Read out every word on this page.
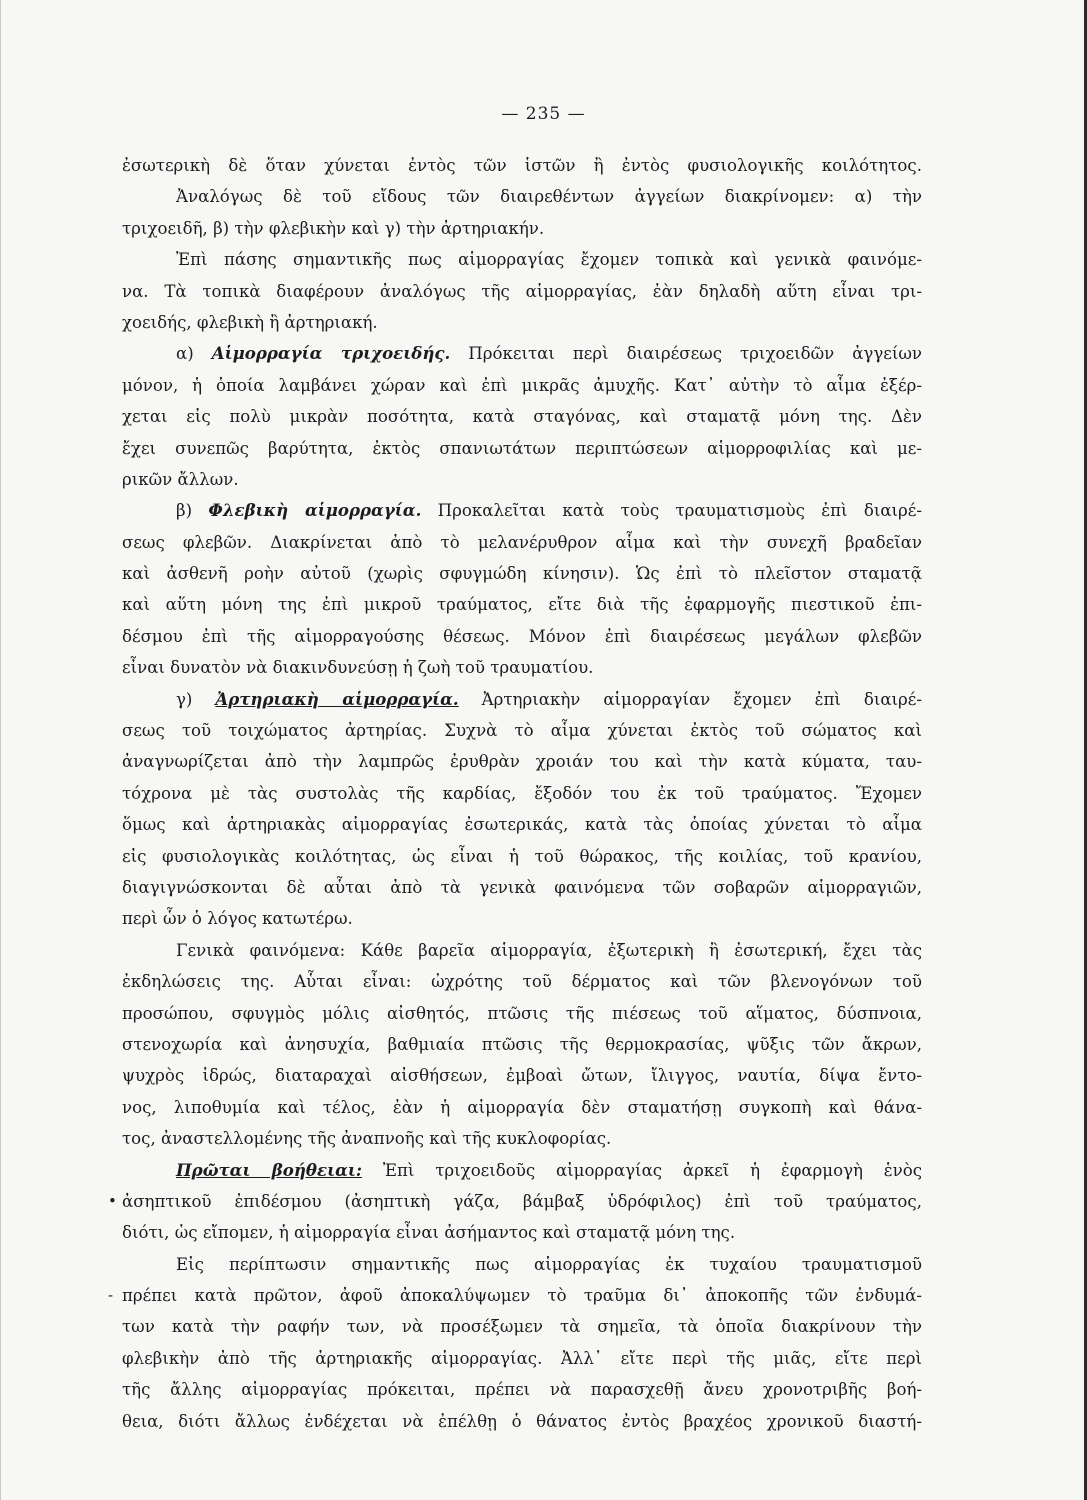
— 235 —
ἐσωτερικὴ δὲ ὅταν χύνεται ἐντὸς τῶν ἱστῶν ἢ ἐντὸς φυσιολογικῆς κοιλότητος.
Ἀναλόγως δὲ τοῦ εἴδους τῶν διαιρεθέντων ἀγγείων διακρίνομεν: α) τὴν
τριχοειδῆ, β) τὴν φλεβικὴν καὶ γ) τὴν ἀρτηριακήν.
Ἐπὶ πάσης σημαντικῆς πως αἱμορραγίας ἔχομεν τοπικὰ καὶ γενικὰ φαινόμε-
να. Τὰ τοπικὰ διαφέρουν ἀναλόγως τῆς αἱμορραγίας, ἐὰν δηλαδὴ αὕτη εἶναι τρι-
χοειδής, φλεβικὴ ἢ ἀρτηριακή.
α) Αἱμορραγία τριχοειδής. Πρόκειται περὶ διαιρέσεως τριχοειδῶν ἀγγείων
μόνον, ἡ ὁποία λαμβάνει χώραν καὶ ἐπὶ μικρᾶς ἀμυχῆς. Κατ᾽ αὐτὴν τὸ αἷμα ἐξέρ-
χεται εἰς πολὺ μικρὰν ποσότητα, κατὰ σταγόνας, καὶ σταματᾷ μόνη της. Δὲν
ἔχει συνεπῶς βαρύτητα, ἐκτὸς σπανιωτάτων περιπτώσεων αἱμορροφιλίας καὶ με-
ρικῶν ἄλλων.
β) Φλεβικὴ αἱμορραγία. Προκαλεῖται κατὰ τοὺς τραυματισμοὺς ἐπὶ διαιρέ-
σεως φλεβῶν. Διακρίνεται ἀπὸ τὸ μελανέρυθρον αἷμα καὶ τὴν συνεχῆ βραδεῖαν
καὶ ἀσθενῆ ροὴν αὐτοῦ (χωρὶς σφυγμώδη κίνησιν). Ὡς ἐπὶ τὸ πλεῖστον σταματᾷ
καὶ αὕτη μόνη της ἐπὶ μικροῦ τραύματος, εἴτε διὰ τῆς ἐφαρμογῆς πιεστικοῦ ἐπι-
δέσμου ἐπὶ τῆς αἱμορραγούσης θέσεως. Μόνον ἐπὶ διαιρέσεως μεγάλων φλεβῶν
εἶναι δυνατὸν νὰ διακινδυνεύσῃ ἡ ζωὴ τοῦ τραυματίου.
γ) Ἀρτηριακὴ αἱμορραγία. Ἀρτηριακὴν αἱμορραγίαν ἔχομεν ἐπὶ διαιρέ-
σεως τοῦ τοιχώματος ἀρτηρίας. Συχνὰ τὸ αἷμα χύνεται ἐκτὸς τοῦ σώματος καὶ
ἀναγνωρίζεται ἀπὸ τὴν λαμπρῶς ἐρυθρὰν χροιάν του καὶ τὴν κατὰ κύματα, ταυ-
τόχρονα μὲ τὰς συστολὰς τῆς καρδίας, ἔξοδόν του ἐκ τοῦ τραύματος. Ἔχομεν
ὅμως καὶ ἀρτηριακὰς αἱμορραγίας ἐσωτερικάς, κατὰ τὰς ὁποίας χύνεται τὸ αἷμα
εἰς φυσιολογικὰς κοιλότητας, ὡς εἶναι ἡ τοῦ θώρακος, τῆς κοιλίας, τοῦ κρανίου,
διαγιγνώσκονται δὲ αὗται ἀπὸ τὰ γενικὰ φαινόμενα τῶν σοβαρῶν αἱμορραγιῶν,
περὶ ὧν ὁ λόγος κατωτέρω.
Γενικὰ φαινόμενα: Κάθε βαρεῖα αἱμορραγία, ἐξωτερικὴ ἢ ἐσωτερική, ἔχει τὰς
ἐκδηλώσεις της. Αὗται εἶναι: ὠχρότης τοῦ δέρματος καὶ τῶν βλενογόνων τοῦ
προσώπου, σφυγμὸς μόλις αἰσθητός, πτῶσις τῆς πιέσεως τοῦ αἵματος, δύσπνοια,
στενοχωρία καὶ ἀνησυχία, βαθμιαία πτῶσις τῆς θερμοκρασίας, ψῦξις τῶν ἄκρων,
ψυχρὸς ἱδρώς, διαταραχαὶ αἰσθήσεων, ἐμβοαὶ ὤτων, ἴλιγγος, ναυτία, δίψα ἔντο-
νος, λιποθυμία καὶ τέλος, ἐὰν ἡ αἱμορραγία δὲν σταματήσῃ συγκοπὴ καὶ θάνα-
τος, ἀναστελλομένης τῆς ἀναπνοῆς καὶ τῆς κυκλοφορίας.
Πρῶται βοήθειαι: Ἐπὶ τριχοειδοῦς αἱμορραγίας ἀρκεῖ ἡ ἐφαρμογὴ ἑνὸς
• ἀσηπτικοῦ ἐπιδέσμου (ἀσηπτικὴ γάζα, βάμβαξ ὑδρόφιλος) ἐπὶ τοῦ τραύματος,
διότι, ὡς εἴπομεν, ἡ αἱμορραγία εἶναι ἀσήμαντος καὶ σταματᾷ μόνη της.
Εἰς περίπτωσιν σημαντικῆς πως αἱμορραγίας ἐκ τυχαίου τραυματισμοῦ
- πρέπει κατὰ πρῶτον, ἀφοῦ ἀποκαλύψωμεν τὸ τραῦμα δι᾽ ἀποκοπῆς τῶν ἐνδυμά-
των κατὰ τὴν ραφήν των, νὰ προσέξωμεν τὰ σημεῖα, τὰ ὁποῖα διακρίνουν τὴν
φλεβικὴν ἀπὸ τῆς ἀρτηριακῆς αἱμορραγίας. Ἀλλ᾽ εἴτε περὶ τῆς μιᾶς, εἴτε περὶ
τῆς ἄλλης αἱμορραγίας πρόκειται, πρέπει νὰ παρασχεθῇ ἄνευ χρονοτριβῆς βοή-
θεια, διότι ἄλλως ἐνδέχεται νὰ ἐπέλθῃ ὁ θάνατος ἐντὸς βραχέος χρονικοῦ διαστή-
